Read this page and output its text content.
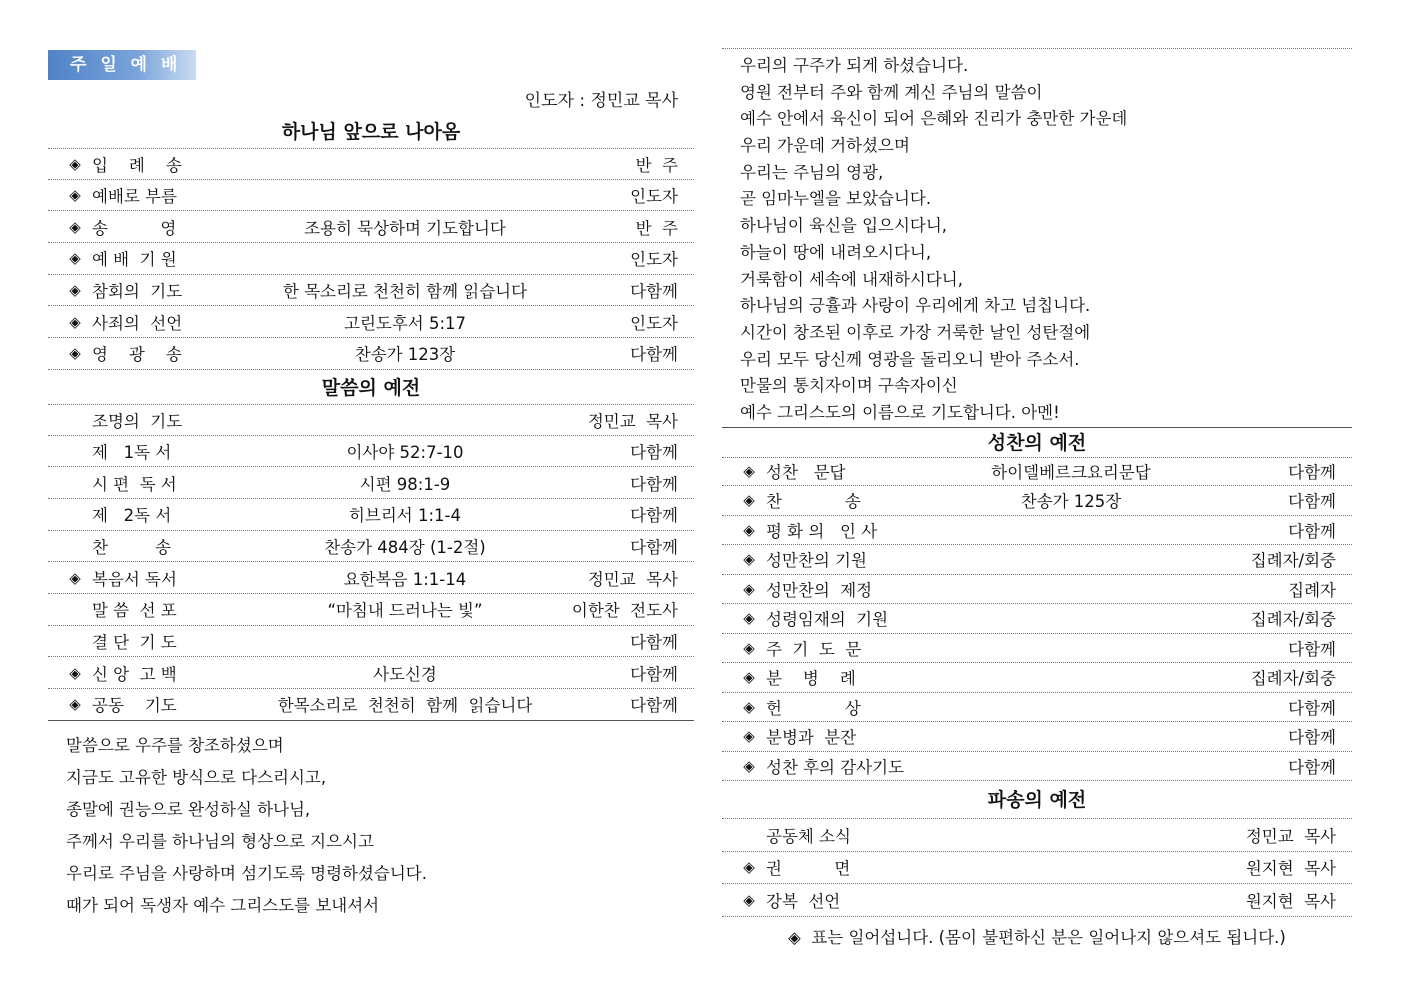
주 일 예 배
인도자 : 정민교 목사
하나님 앞으로 나아옴
◈ 입    례    송	반  주
◈ 예배로 부름	인도자
◈ 송          영	조용히 묵상하며 기도합니다	반  주
◈ 예 배  기 원	인도자
◈ 참회의  기도	한 목소리로 천천히 함께 읽습니다	다함께
◈ 사죄의  선언	고린도후서 5:17	인도자
◈ 영    광    송	찬송가 123장	다함께
말씀의 예전
조명의  기도	정민교  목사
제   1독 서	이사야 52:7-10	다함께
시 편  독 서	시편 98:1-9	다함께
제   2독 서	히브리서 1:1-4	다함께
찬         송	찬송가 484장 (1-2절)	다함께
◈ 복음서 독서	요한복음 1:1-14	정민교  목사
말 씀  선 포	“마침내 드러나는 빛”	이한찬  전도사
결 단  기 도	다함께
◈ 신 앙  고 백	사도신경	다함께
◈ 공동    기도	한목소리로  천천히  함께  읽습니다	다함께
말씀으로 우주를 창조하셨으며
지금도 고유한 방식으로 다스리시고,
종말에 권능으로 완성하실 하나님,
주께서 우리를 하나님의 형상으로 지으시고
우리로 주님을 사랑하며 섬기도록 명령하셨습니다.
때가 되어 독생자 예수 그리스도를 보내셔서
우리의 구주가 되게 하셨습니다.
영원 전부터 주와 함께 계신 주님의 말씀이
예수 안에서 육신이 되어 은혜와 진리가 충만한 가운데
우리 가운데 거하셨으며
우리는 주님의 영광,
곧 임마누엘을 보았습니다.
하나님이 육신을 입으시다니,
하늘이 땅에 내려오시다니,
거룩함이 세속에 내재하시다니,
하나님의 긍휼과 사랑이 우리에게 차고 넘칩니다.
시간이 창조된 이후로 가장 거룩한 날인 성탄절에
우리 모두 당신께 영광을 돌리오니 받아 주소서.
만물의 통치자이며 구속자이신
예수 그리스도의 이름으로 기도합니다. 아멘!
성찬의 예전
◈ 성찬   문답	하이델베르크요리문답	다함께
◈ 찬            송	찬송가 125장	다함께
◈ 평 화 의   인 사	다함께
◈ 성만찬의 기원	집례자/회중
◈ 성만찬의  제정	집례자
◈ 성령임재의  기원	집례자/회중
◈ 주  기  도  문	다함께
◈ 분    병    례	집례자/회중
◈ 헌            상	다함께
◈ 분병과  분잔	다함께
◈ 성찬 후의 감사기도	다함께
파송의 예전
공동체 소식	정민교  목사
◈ 권          면	원지현  목사
◈ 강복  선언	원지현  목사
◈  표는 일어섭니다. (몸이 불편하신 분은 일어나지 않으셔도 됩니다.)
